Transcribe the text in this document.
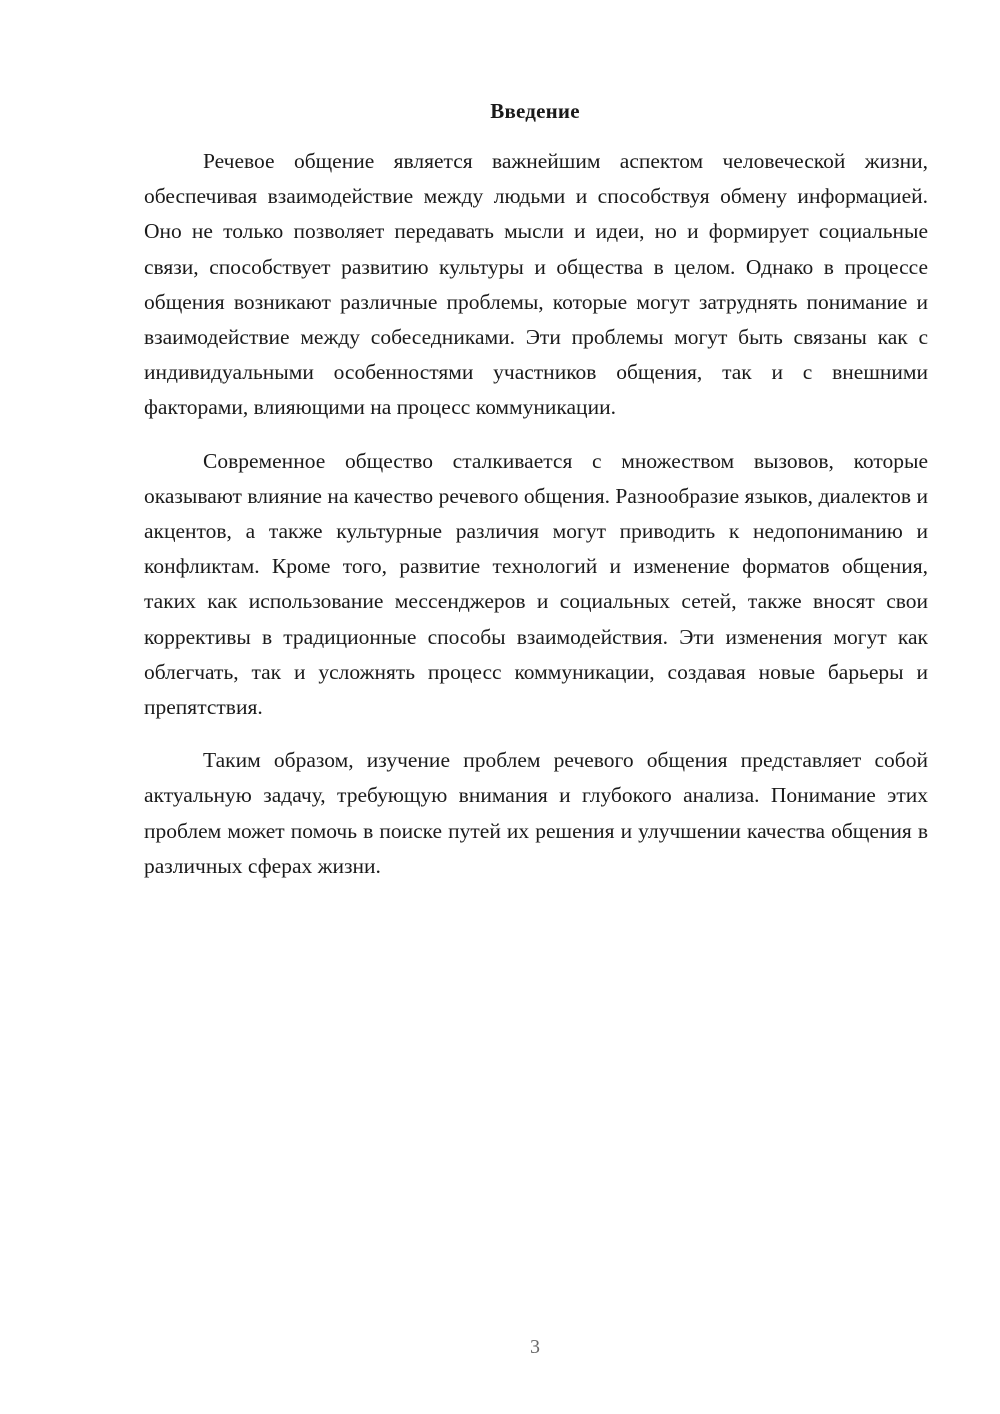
Введение

Речевое общение является важнейшим аспектом человеческой жизни, обеспечивая взаимодействие между людьми и способствуя обмену информацией. Оно не только позволяет передавать мысли и идеи, но и формирует социальные связи, способствует развитию культуры и общества в целом. Однако в процессе общения возникают различные проблемы, которые могут затруднять понимание и взаимодействие между собеседниками. Эти проблемы могут быть связаны как с индивидуальными особенностями участников общения, так и с внешними факторами, влияющими на процесс коммуникации.

Современное общество сталкивается с множеством вызовов, которые оказывают влияние на качество речевого общения. Разнообразие языков, диалектов и акцентов, а также культурные различия могут приводить к недопониманию и конфликтам. Кроме того, развитие технологий и изменение форматов общения, таких как использование мессенджеров и социальных сетей, также вносят свои коррективы в традиционные способы взаимодействия. Эти изменения могут как облегчать, так и усложнять процесс коммуникации, создавая новые барьеры и препятствия.

Таким образом, изучение проблем речевого общения представляет собой актуальную задачу, требующую внимания и глубокого анализа. Понимание этих проблем может помочь в поиске путей их решения и улучшении качества общения в различных сферах жизни.

3
